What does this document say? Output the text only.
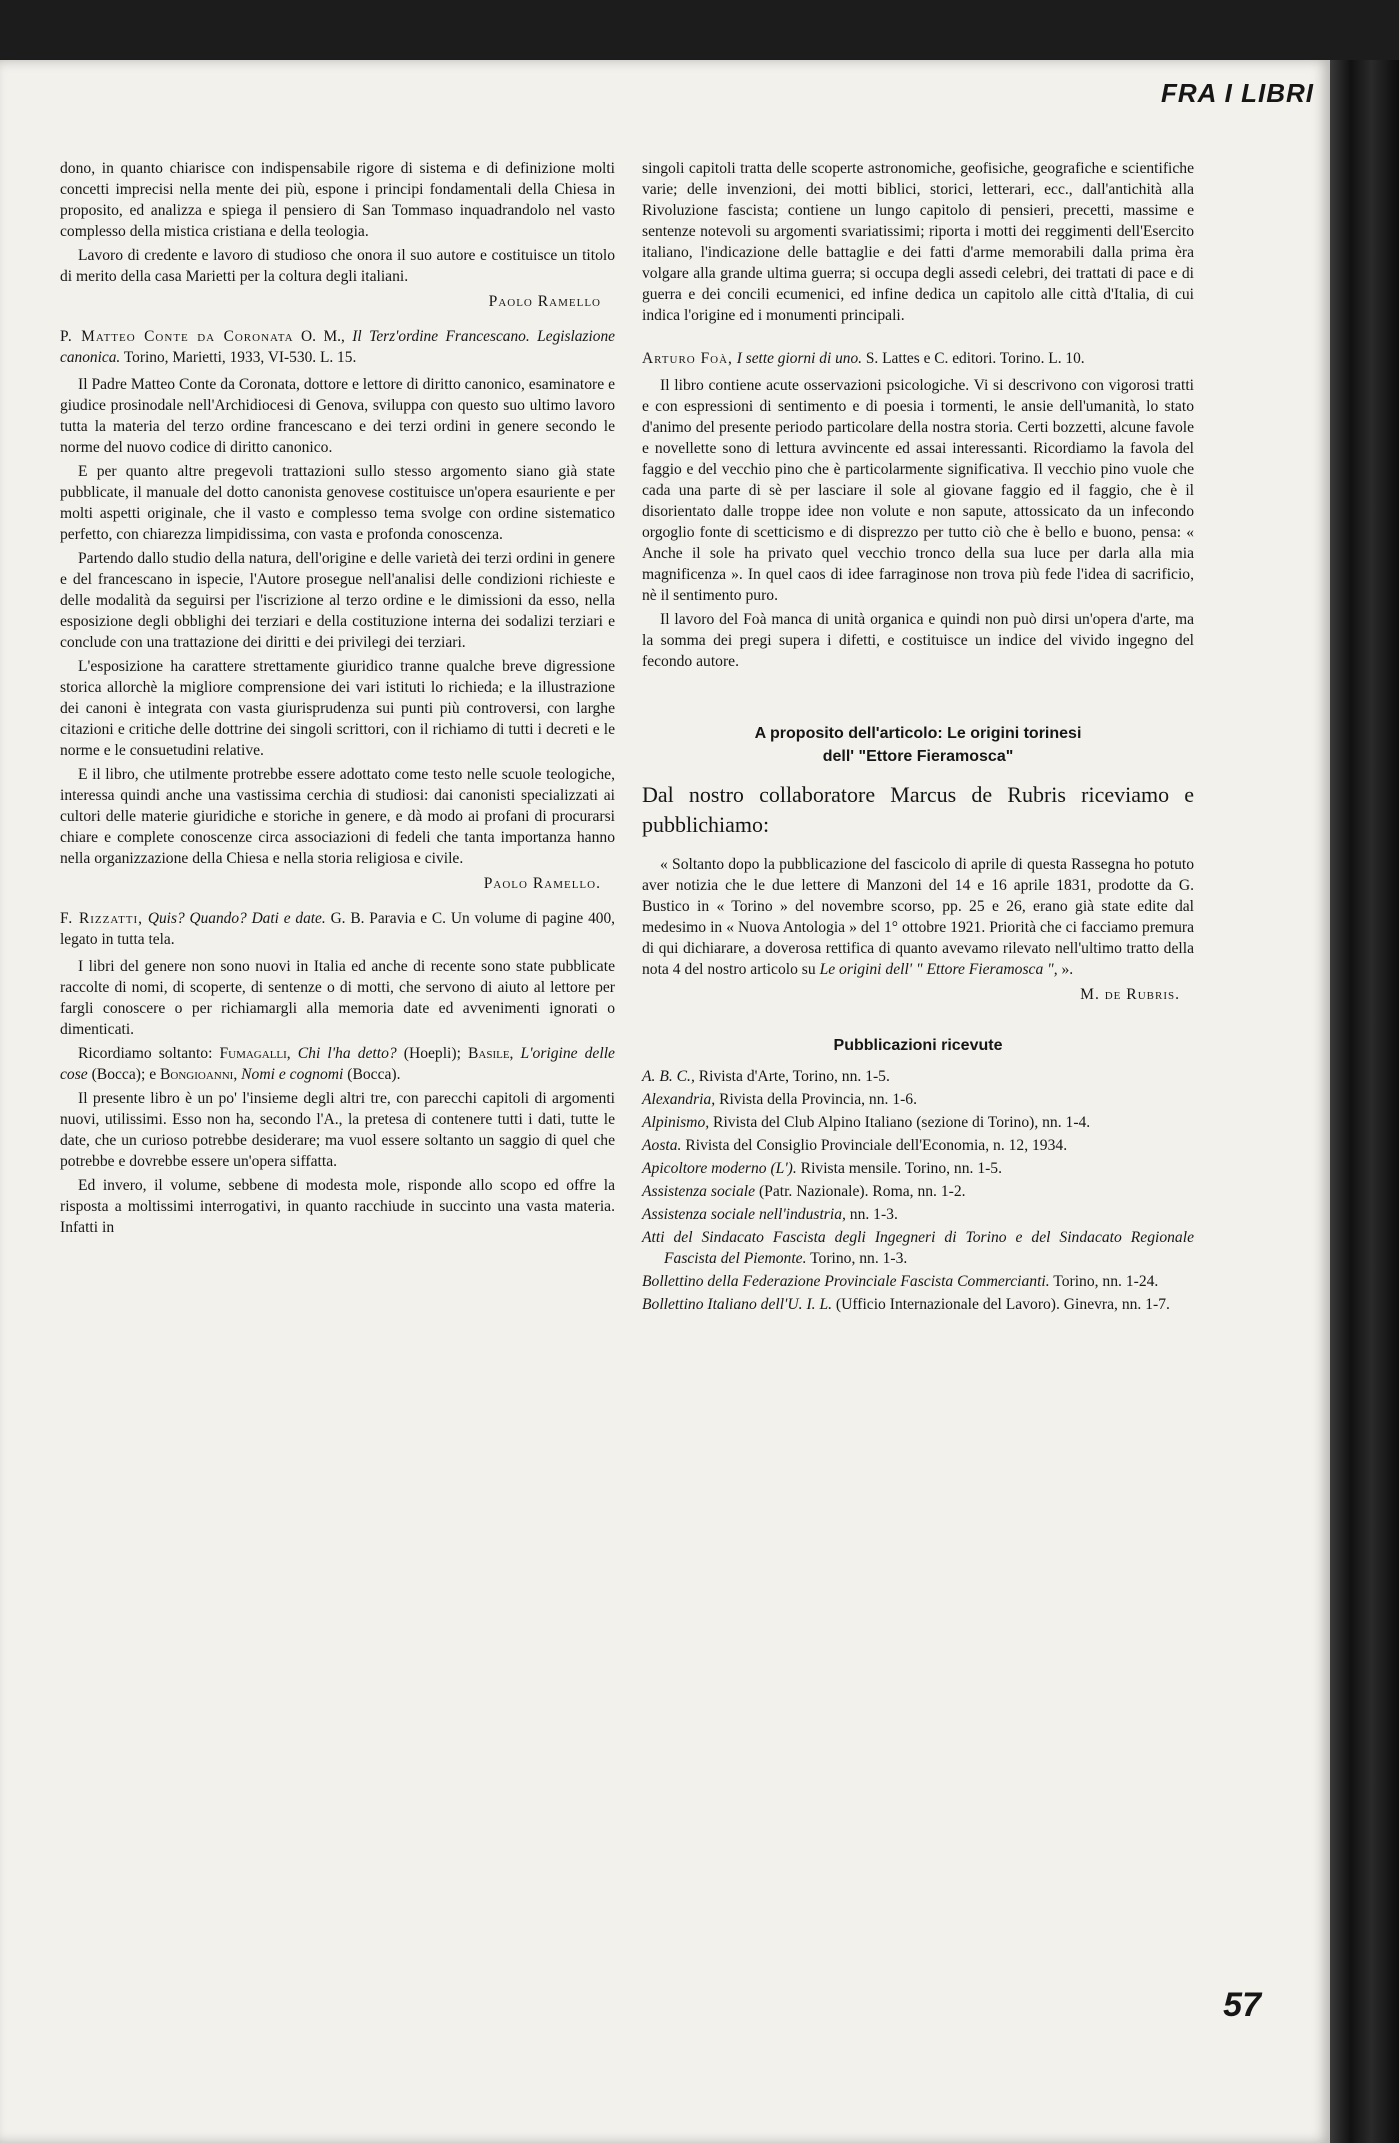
FRA I LIBRI

dono, in quanto chiarisce con indispensabile rigore di sistema e di definizione molti concetti imprecisi nella mente dei più, espone i principi fondamentali della Chiesa in proposito, ed analizza e spiega il pensiero di San Tommaso inquadrandolo nel vasto complesso della mistica cristiana e della teologia.

Lavoro di credente e lavoro di studioso che onora il suo autore e costituisce un titolo di merito della casa Marietti per la coltura degli italiani.

Paolo Ramello

P. Matteo Conte da Coronata O. M., Il Terz'ordine Francescano. Legislazione canonica. Torino, Marietti, 1933, VI-530. L. 15.

Il Padre Matteo Conte da Coronata, dottore e lettore di diritto canonico, esaminatore e giudice prosinodale nell'Archidiocesi di Genova, sviluppa con questo suo ultimo lavoro tutta la materia del terzo ordine francescano e dei terzi ordini in genere secondo le norme del nuovo codice di diritto canonico.

E per quanto altre pregevoli trattazioni sullo stesso argomento siano già state pubblicate, il manuale del dotto canonista genovese costituisce un'opera esauriente e per molti aspetti originale, che il vasto e complesso tema svolge con ordine sistematico perfetto, con chiarezza limpidissima, con vasta e profonda conoscenza.

Partendo dallo studio della natura, dell'origine e delle varietà dei terzi ordini in genere e del francescano in ispecie, l'Autore prosegue nell'analisi delle condizioni richieste e delle modalità da seguirsi per l'iscrizione al terzo ordine e le dimissioni da esso, nella esposizione degli obblighi dei terziari e della costituzione interna dei sodalizi terziari e conclude con una trattazione dei diritti e dei privilegi dei terziari.

L'esposizione ha carattere strettamente giuridico tranne qualche breve digressione storica allorchè la migliore comprensione dei vari istituti lo richieda; e la illustrazione dei canoni è integrata con vasta giurisprudenza sui punti più controversi, con larghe citazioni e critiche delle dottrine dei singoli scrittori, con il richiamo di tutti i decreti e le norme e le consuetudini relative.

E il libro, che utilmente protrebbe essere adottato come testo nelle scuole teologiche, interessa quindi anche una vastissima cerchia di studiosi: dai canonisti specializzati ai cultori delle materie giuridiche e storiche in genere, e dà modo ai profani di procurarsi chiare e complete conoscenze circa associazioni di fedeli che tanta importanza hanno nella organizzazione della Chiesa e nella storia religiosa e civile.

Paolo Ramello.

F. Rizzatti, Quis? Quando? Dati e date. G. B. Paravia e C. Un volume di pagine 400, legato in tutta tela.

I libri del genere non sono nuovi in Italia ed anche di recente sono state pubblicate raccolte di nomi, di scoperte, di sentenze o di motti, che servono di aiuto al lettore per fargli conoscere o per richiamargli alla memoria date ed avvenimenti ignorati o dimenticati.

Ricordiamo soltanto: Fumagalli, Chi l'ha detto? (Hoepli); Basile, L'origine delle cose (Bocca); e Bongioanni, Nomi e cognomi (Bocca).

Il presente libro è un po' l'insieme degli altri tre, con parecchi capitoli di argomenti nuovi, utilissimi. Esso non ha, secondo l'A., la pretesa di contenere tutti i dati, tutte le date, che un curioso potrebbe desiderare; ma vuol essere soltanto un saggio di quel che potrebbe e dovrebbe essere un'opera siffatta.

Ed invero, il volume, sebbene di modesta mole, risponde allo scopo ed offre la risposta a moltissimi interrogativi, in quanto racchiude in succinto una vasta materia. Infatti in

singoli capitoli tratta delle scoperte astronomiche, geofisiche, geografiche e scientifiche varie; delle invenzioni, dei motti biblici, storici, letterari, ecc., dall'antichità alla Rivoluzione fascista; contiene un lungo capitolo di pensieri, precetti, massime e sentenze notevoli su argomenti svariatissimi; riporta i motti dei reggimenti dell'Esercito italiano, l'indicazione delle battaglie e dei fatti d'arme memorabili dalla prima èra volgare alla grande ultima guerra; si occupa degli assedi celebri, dei trattati di pace e di guerra e dei concili ecumenici, ed infine dedica un capitolo alle città d'Italia, di cui indica l'origine ed i monumenti principali.

Arturo Foà, I sette giorni di uno. S. Lattes e C. editori. Torino. L. 10.

Il libro contiene acute osservazioni psicologiche. Vi si descrivono con vigorosi tratti e con espressioni di sentimento e di poesia i tormenti, le ansie dell'umanità, lo stato d'animo del presente periodo particolare della nostra storia. Certi bozzetti, alcune favole e novellette sono di lettura avvincente ed assai interessanti. Ricordiamo la favola del faggio e del vecchio pino che è particolarmente significativa. Il vecchio pino vuole che cada una parte di sè per lasciare il sole al giovane faggio ed il faggio, che è il disorientato dalle troppe idee non volute e non sapute, attossicato da un infecondo orgoglio fonte di scetticismo e di disprezzo per tutto ciò che è bello e buono, pensa: « Anche il sole ha privato quel vecchio tronco della sua luce per darla alla mia magnificenza ». In quel caos di idee farraginose non trova più fede l'idea di sacrificio, nè il sentimento puro.

Il lavoro del Foà manca di unità organica e quindi non può dirsi un'opera d'arte, ma la somma dei pregi supera i difetti, e costituisce un indice del vivido ingegno del fecondo autore.

A proposito dell'articolo: Le origini torinesi
dell' "Ettore Fieramosca"

Dal nostro collaboratore Marcus de Rubris riceviamo e pubblichiamo:

« Soltanto dopo la pubblicazione del fascicolo di aprile di questa Rassegna ho potuto aver notizia che le due lettere di Manzoni del 14 e 16 aprile 1831, prodotte da G. Bustico in « Torino » del novembre scorso, pp. 25 e 26, erano già state edite dal medesimo in « Nuova Antologia » del 1° ottobre 1921. Priorità che ci facciamo premura di qui dichiarare, a doverosa rettifica di quanto avevamo rilevato nell'ultimo tratto della nota 4 del nostro articolo su Le origini dell' " Ettore Fieramosca ", ».

M. de Rubris.

Pubblicazioni ricevute
A. B. C., Rivista d'Arte, Torino, nn. 1-5.
Alexandria, Rivista della Provincia, nn. 1-6.
Alpinismo, Rivista del Club Alpino Italiano (sezione di Torino), nn. 1-4.
Aosta. Rivista del Consiglio Provinciale dell'Economia, n. 12, 1934.
Apicoltore moderno (L'). Rivista mensile. Torino, nn. 1-5.
Assistenza sociale (Patr. Nazionale). Roma, nn. 1-2.
Assistenza sociale nell'industria, nn. 1-3.
Atti del Sindacato Fascista degli Ingegneri di Torino e del Sindacato Regionale Fascista del Piemonte. Torino, nn. 1-3.
Bollettino della Federazione Provinciale Fascista Commercianti. Torino, nn. 1-24.
Bollettino Italiano dell'U. I. L. (Ufficio Internazionale del Lavoro). Ginevra, nn. 1-7.
57
